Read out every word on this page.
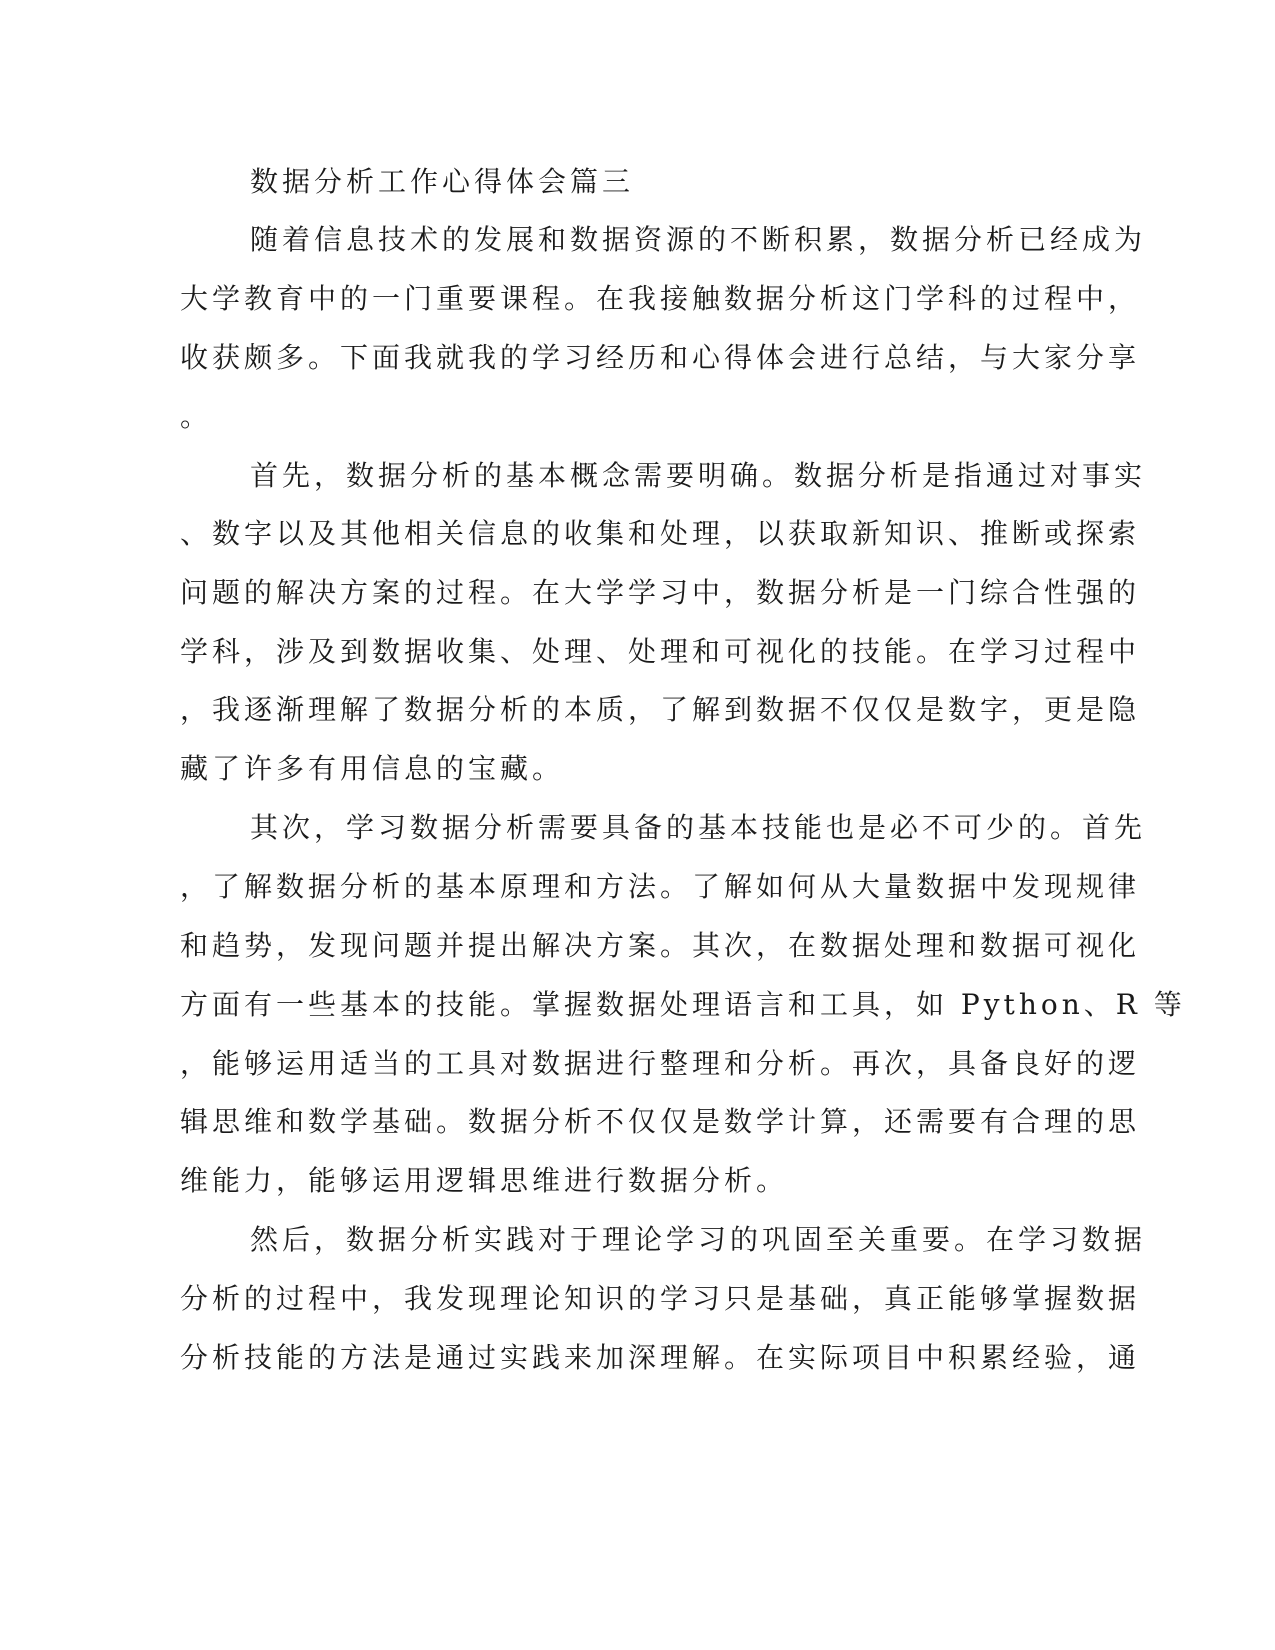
数据分析工作心得体会篇三
随着信息技术的发展和数据资源的不断积累，数据分析已经成为
大学教育中的一门重要课程。在我接触数据分析这门学科的过程中，
收获颇多。下面我就我的学习经历和心得体会进行总结，与大家分享
。
首先，数据分析的基本概念需要明确。数据分析是指通过对事实
、数字以及其他相关信息的收集和处理，以获取新知识、推断或探索
问题的解决方案的过程。在大学学习中，数据分析是一门综合性强的
学科，涉及到数据收集、处理、处理和可视化的技能。在学习过程中
，我逐渐理解了数据分析的本质，了解到数据不仅仅是数字，更是隐
藏了许多有用信息的宝藏。
其次，学习数据分析需要具备的基本技能也是必不可少的。首先
，了解数据分析的基本原理和方法。了解如何从大量数据中发现规律
和趋势，发现问题并提出解决方案。其次，在数据处理和数据可视化
方面有一些基本的技能。掌握数据处理语言和工具，如 Python、R 等
，能够运用适当的工具对数据进行整理和分析。再次，具备良好的逻
辑思维和数学基础。数据分析不仅仅是数学计算，还需要有合理的思
维能力，能够运用逻辑思维进行数据分析。
然后，数据分析实践对于理论学习的巩固至关重要。在学习数据
分析的过程中，我发现理论知识的学习只是基础，真正能够掌握数据
分析技能的方法是通过实践来加深理解。在实际项目中积累经验，通
